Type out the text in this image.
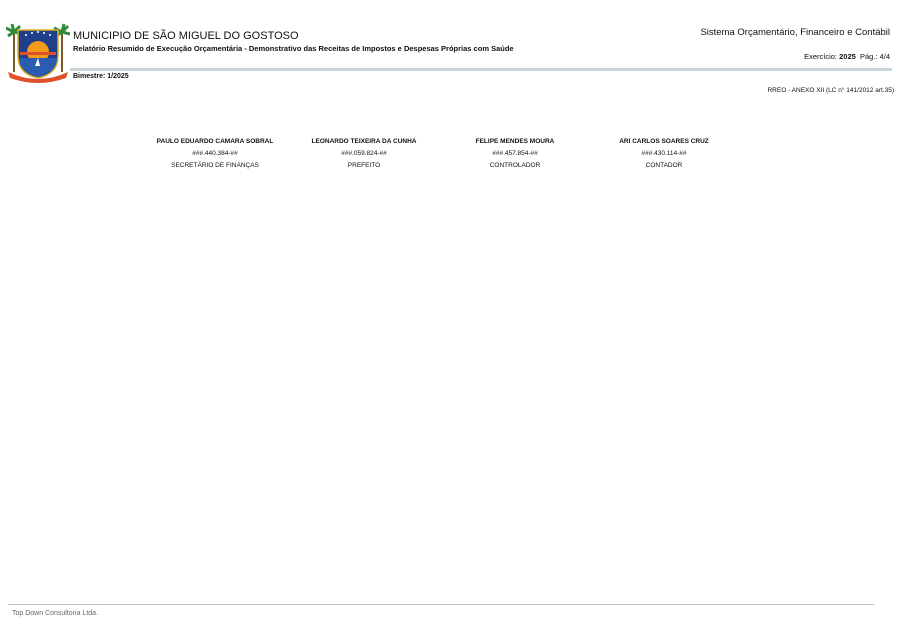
MUNICIPIO DE SÃO MIGUEL DO GOSTOSO
Relatório Resumido de Execução Orçamentária - Demonstrativo das Receitas de Impostos e Despesas Próprias com Saúde
Bimestre: 1/2025
Sistema Orçamentário, Financeiro e Contábil
Exercício: 2025 Pág.: 4/4
RREO - ANEXO XII (LC n° 141/2012 art.35)
PAULO EDUARDO CAMARA SOBRAL
###.440.384-##
SECRETÁRIO DE FINANÇAS
LEONARDO TEIXEIRA DA CUNHA
###.059.824-##
PREFEITO
FELIPE MENDES MOURA
###.457.854-##
CONTROLADOR
ARI CARLOS SOARES CRUZ
###.430.114-##
CONTADOR
Top Down Consultoria Ltda.
